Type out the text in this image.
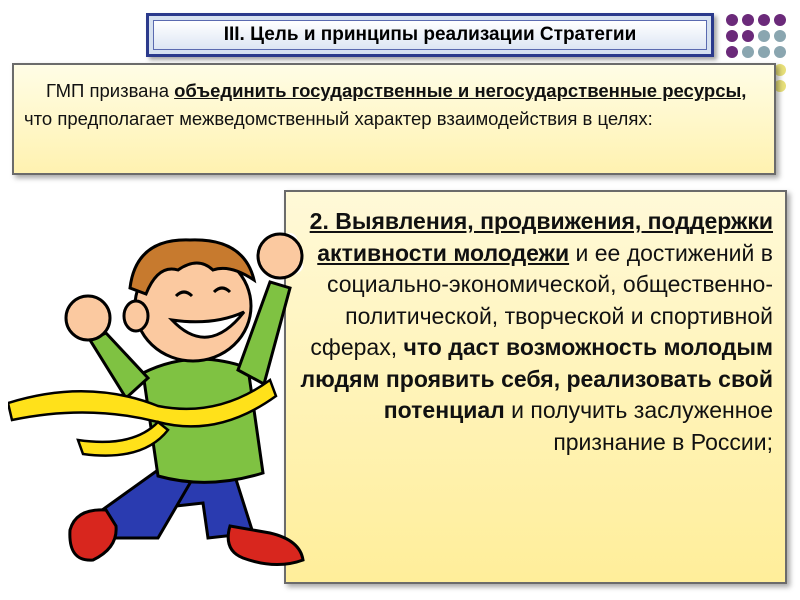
III. Цель и принципы реализации Стратегии
ГМП призвана объединить государственные и негосударственные ресурсы, что предполагает межведомственный характер взаимодействия в целях:
2. Выявления, продвижения, поддержки активности молодежи и ее достижений в социально-экономической, общественно-политической, творческой и спортивной сферах, что даст возможность молодым людям проявить себя, реализовать свой потенциал и получить заслуженное признание в России;
